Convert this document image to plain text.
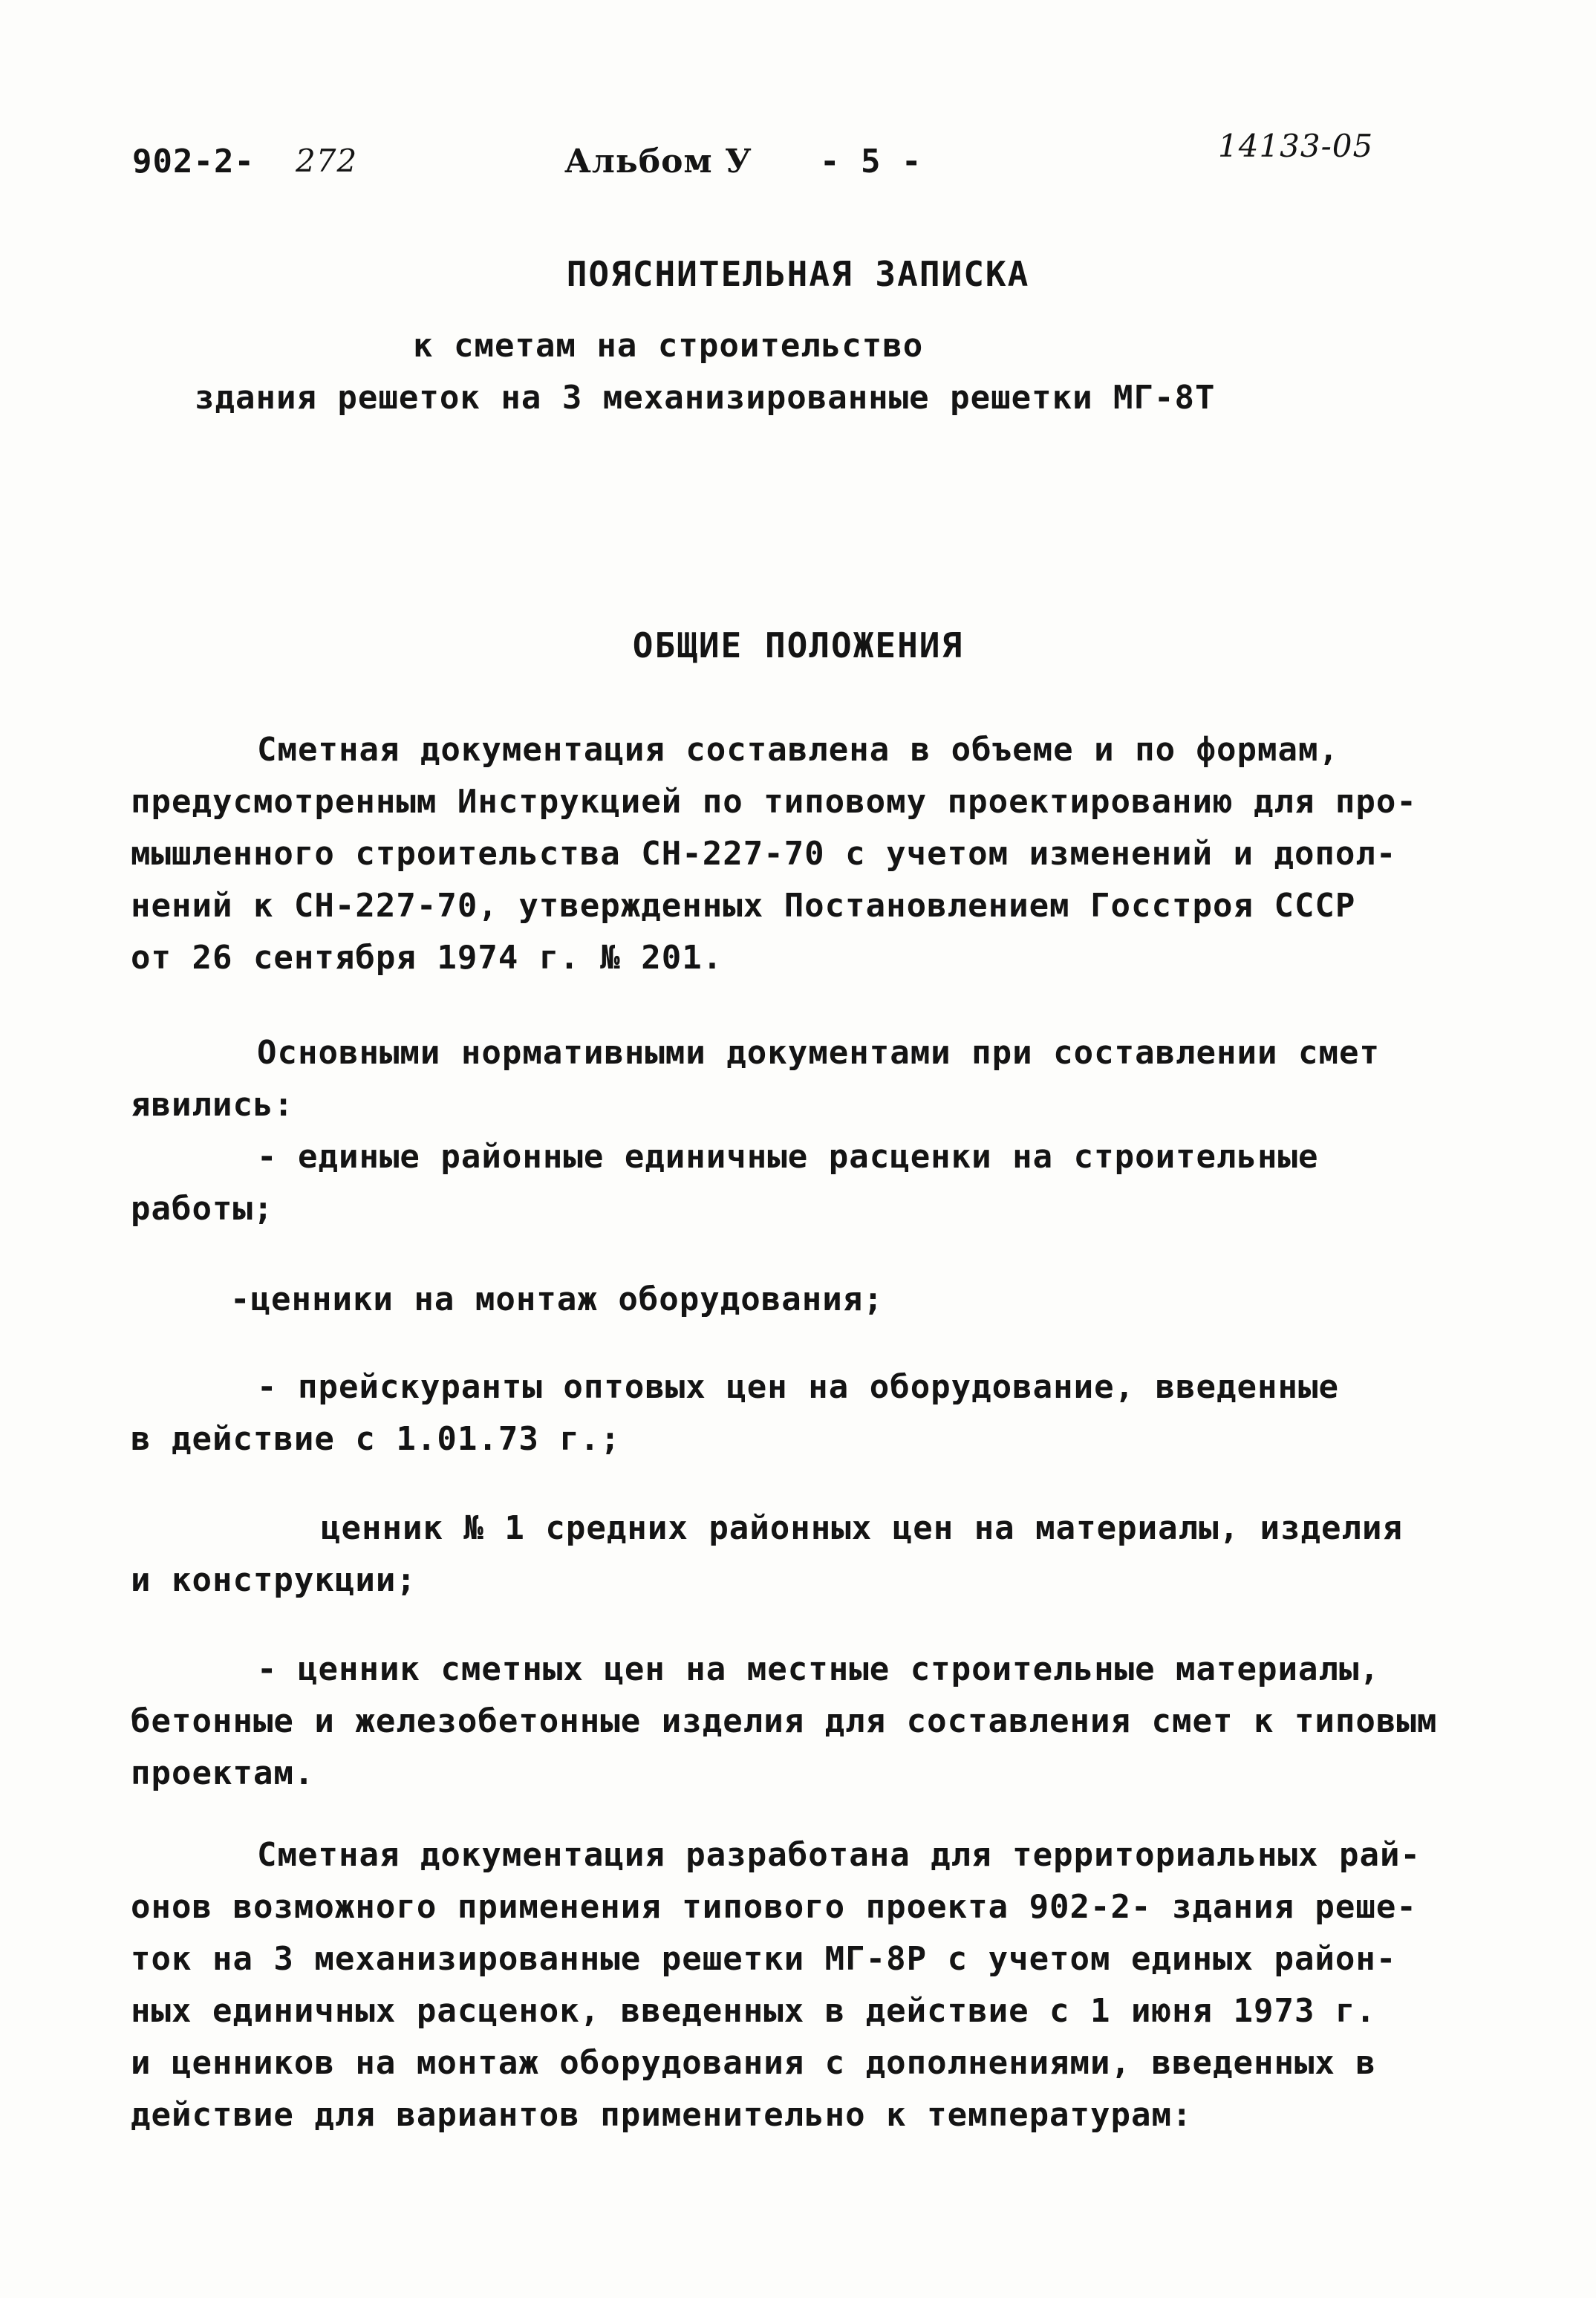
902-2- 272	Альбом У - 5 -	14133-05
ПОЯСНИТЕЛЬНАЯ ЗАПИСКА
к сметам на строительство
здания решеток на 3 механизированные решетки МГ-8Т
ОБЩИЕ ПОЛОЖЕНИЯ
Сметная документация составлена в объеме и по формам,
предусмотренным Инструкцией по типовому проектированию для про-
мышленного строительства СН-227-70 с учетом изменений и допол-
нений к СН-227-70, утвержденных Постановлением Госстроя СССР
от 26 сентября 1974 г. № 201.
Основными нормативными документами при составлении смет
явились:
- единые районные единичные расценки на строительные
работы;
-ценники на монтаж оборудования;
- прейскуранты оптовых цен на оборудование, введенные
в действие с 1.01.73 г.;
ценник № 1 средних районных цен на материалы, изделия
и конструкции;
- ценник сметных цен на местные строительные материалы,
бетонные и железобетонные изделия для составления смет к типовым
проектам.
Сметная документация разработана для территориальных рай-
онов возможного применения типового проекта 902-2- здания реше-
ток на 3 механизированные решетки МГ-8Р с учетом единых район-
ных единичных расценок, введенных в действие с 1 июня 1973 г.
и ценников на монтаж оборудования с дополнениями, введенных в
действие для вариантов применительно к температурам:
